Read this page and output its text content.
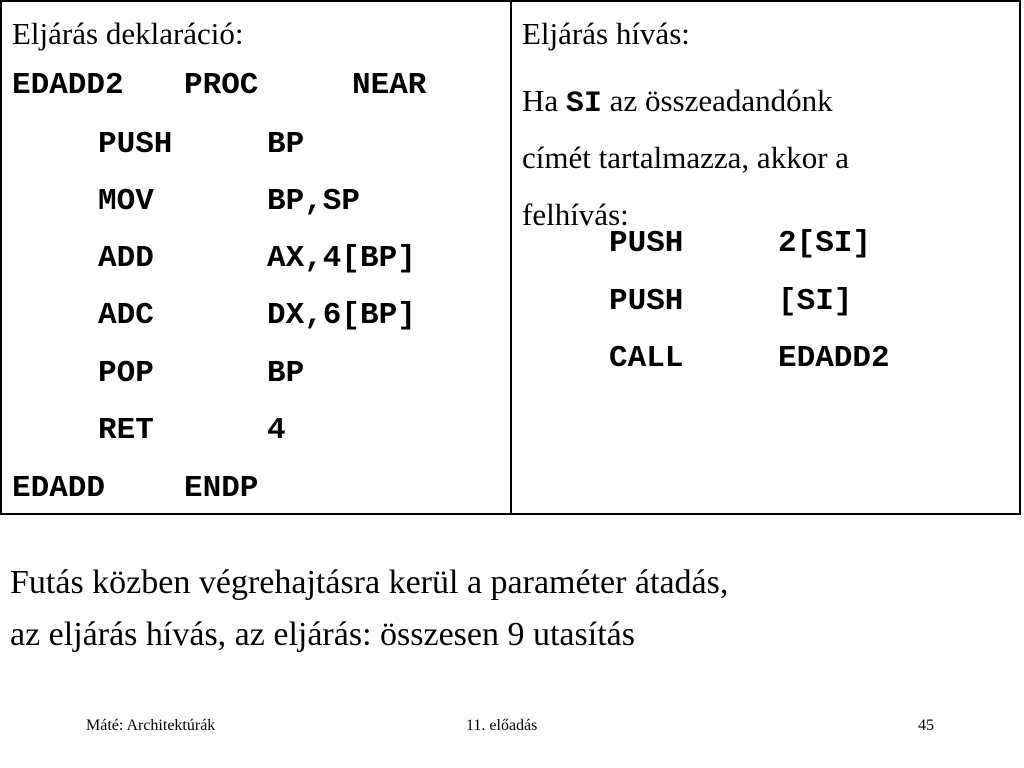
Eljárás deklaráció:
EDADD2 PROC	NEAR
PUSH	BP
MOV	BP,SP
ADD	AX,4[BP]
ADC	DX,6[BP]
POP	BP
RET	4
EDADD	ENDP
Eljárás hívás:
Ha SI az összeadandónk
címét tartalmazza, akkor a
felhívás:
PUSH	2[SI]
PUSH	[SI]
CALL	EDADD2
Futás közben végrehajtásra kerül a paraméter átadás,
az eljárás hívás, az eljárás: összesen 9 utasítás
Máté: Architektúrák	11. előadás	45
